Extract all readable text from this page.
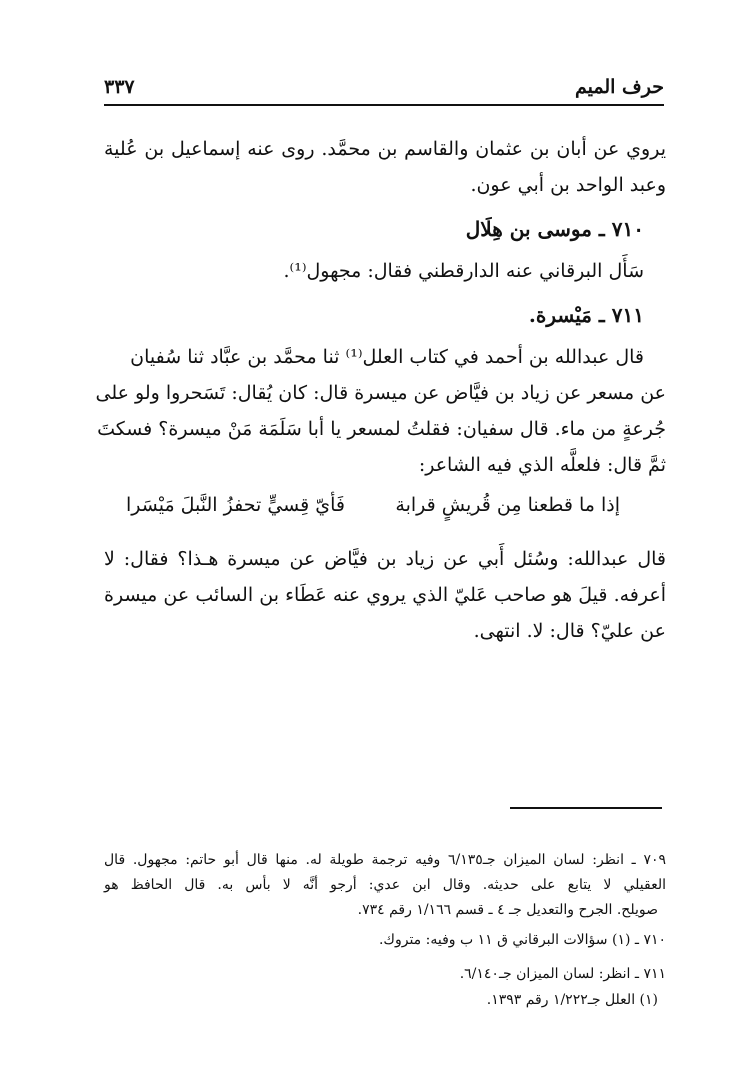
حرف الميم
٣٣٧
يروي عن أبان بن عثمان والقاسم بن محمَّد. روى عنه إسماعيل بن عُلية
وعبد الواحد بن أبي عون.
٧١٠ ـ موسى بن هِلَال
سَأَل البرقاني عنه الدارقطني فقال: مجهول⁽¹⁾.
٧١١ ـ مَيْسرة.
قال عبدالله بن أحمد في كتاب العلل⁽¹⁾ ثنا محمَّد بن عبَّاد ثنا سُفيان
عن مسعر عن زياد بن فيَّاض عن ميسرة قال: كان يُقال: تَسَحروا ولو على
جُرعةٍ من ماء. قال سفيان: فقلتُ لمسعر يا أبا سَلَمَة مَنْ ميسرة؟ فسكتَ
ثمَّ قال: فلعلَّه الذي فيه الشاعر:
قال عبدالله: وسُئل أَبي عن زياد بن فيَّاض عن ميسرة هـذا؟ فقال: لا
أعرفه. قيلَ هو صاحب عَليّ الذي يروي عنه عَطَاء بن السائب عن ميسرة
عن عليّ؟ قال: لا. انتهى.
إذا ما قطعنا مِن قُريشٍ قرابة
فَأيّ قِسيٍّ تحفزُ النَّبلَ مَيْسَرا
٧٠٩ ـ انظر: لسان الميزان جـ٦/١٣٥ وفيه ترجمة طويلة له. منها قال أبو حاتم: مجهول. قال
العقيلي لا يتابع على حديثه. وقال ابن عدي: أرجو أنَّه لا بأس به. قال الحافظ هو
صويلح. الجرح والتعديل جـ ٤ ـ قسم ١/١٦٦ رقم ٧٣٤.
٧١٠ ـ (١) سؤالات البرقاني ق ١١ ب وفيه: متروك.
٧١١ ـ انظر: لسان الميزان جـ٦/١٤٠.
(١) العلل جـ١/٢٢٢ رقم ١٣٩٣.
